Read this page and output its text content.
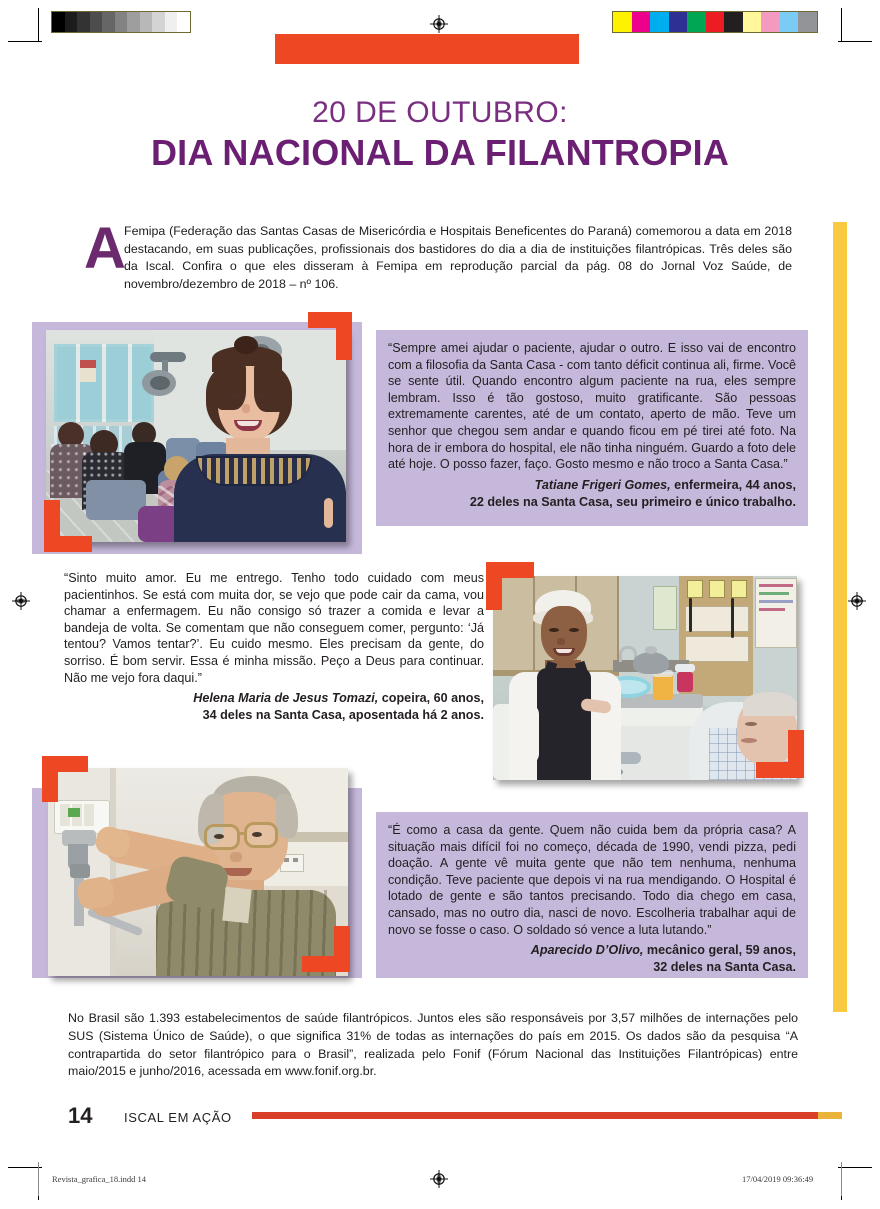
20 DE OUTUBRO:
DIA NACIONAL DA FILANTROPIA
A
Femipa (Federação das Santas Casas de Misericórdia e Hospitais Beneficentes do Paraná) comemorou a data em 2018 destacando, em suas publicações, profissionais dos bastidores do dia a dia de instituições filantrópicas. Três deles são da Iscal. Confira o que eles disseram à Femipa em reprodução parcial da pág. 08 do Jornal Voz Saúde, de novembro/dezembro de 2018 – nº 106.
“Sempre amei ajudar o paciente, ajudar o outro. E isso vai de encontro com a filosofia da Santa Casa - com tanto déficit continua ali, firme. Você se sente útil. Quando encontro algum paciente na rua, eles sempre lembram. Isso é tão gostoso, muito gratificante. São pessoas extremamente carentes, até de um contato, aperto de mão. Teve um senhor que chegou sem andar e quando ficou em pé tirei até foto. Na hora de ir embora do hospital, ele não tinha ninguém. Guardo a foto dele até hoje. O posso fazer, faço. Gosto mesmo e não troco a Santa Casa.”
Tatiane Frigeri Gomes, enfermeira, 44 anos,
22 deles na Santa Casa, seu primeiro e único trabalho.
“Sinto muito amor. Eu me entrego. Tenho todo cuidado com meus pacientinhos. Se está com muita dor, se vejo que pode cair da cama, vou chamar a enfermagem. Eu não consigo só trazer a comida e levar a bandeja de volta. Se comentam que não conseguem comer, pergunto: ‘Já tentou? Vamos tentar?’. Eu cuido mesmo. Eles precisam da gente, do sorriso. É bom servir. Essa é minha missão. Peço a Deus para continuar. Não me vejo fora daqui.”
Helena Maria de Jesus Tomazi, copeira, 60 anos,
34 deles na Santa Casa, aposentada há 2 anos.
“É como a casa da gente. Quem não cuida bem da própria casa? A situação mais difícil foi no começo, década de 1990, vendi pizza, pedi doação. A gente vê muita gente que não tem nenhuma, nenhuma condição. Teve paciente que depois vi na rua mendigando. O Hospital é lotado de gente e são tantos precisando. Todo dia chego em casa, cansado, mas no outro dia, nasci de novo. Escolheria trabalhar aqui de novo se fosse o caso. O soldado só vence a luta lutando.”
Aparecido D’Olivo, mecânico geral, 59 anos,
32 deles na Santa Casa.
No Brasil são 1.393 estabelecimentos de saúde filantrópicos. Juntos eles são responsáveis por 3,57 milhões de internações pelo SUS (Sistema Único de Saúde), o que significa 31% de todas as internações do país em 2015. Os dados são da pesquisa “A contrapartida do setor filantrópico para o Brasil”, realizada pelo Fonif (Fórum Nacional das Instituições Filantrópicas) entre maio/2015 e junho/2016, acessada em www.fonif.org.br.
14 ISCAL EM AÇÃO
Revista_grafica_18.indd 14	17/04/2019 09:36:49
